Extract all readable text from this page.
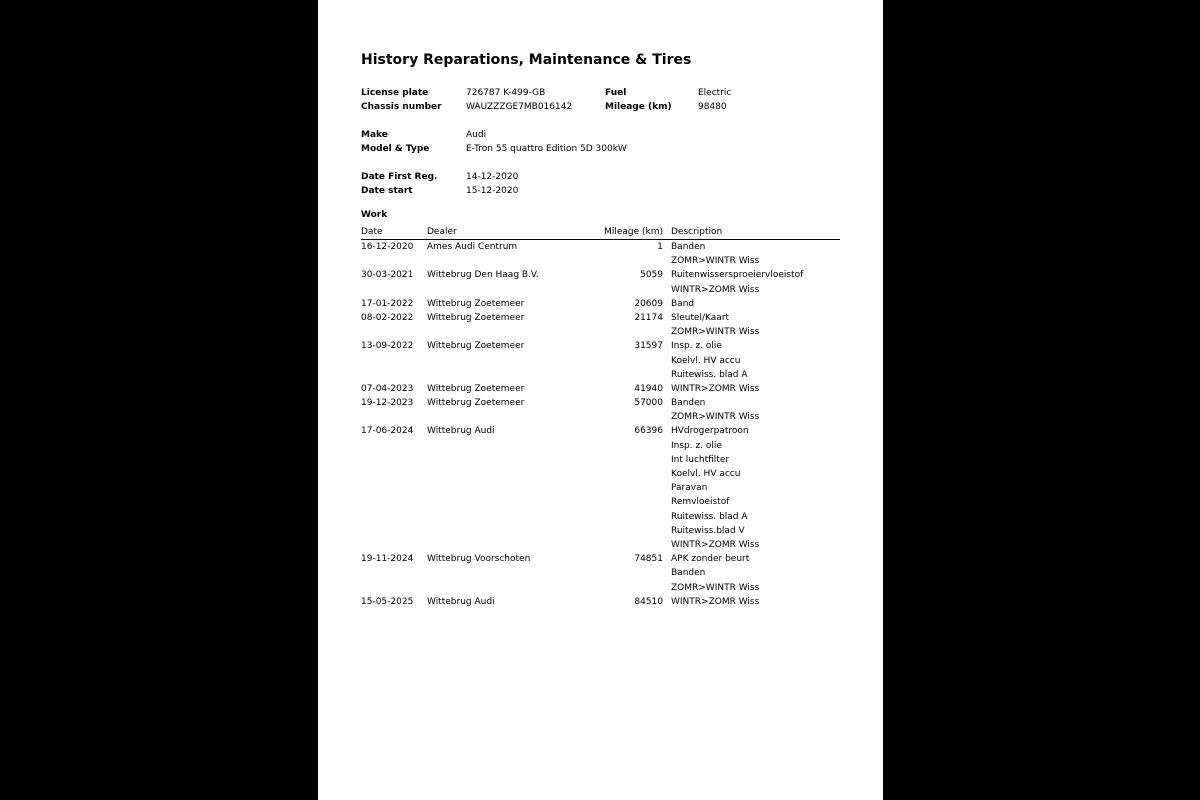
History Reparations, Maintenance & Tires
License plate	726787 K-499-GB	Fuel	Electric
Chassis number	WAUZZZGE7MB016142	Mileage (km)	98480
Make	Audi
Model & Type	E-Tron 55 quattro Edition 5D 300kW
Date First Reg.	14-12-2020
Date start	15-12-2020
Work
Date	Dealer	Mileage (km) Description
16-12-2020 Ames Audi Centrum	1 Banden
ZOMR>WINTR Wiss
30-03-2021 Wittebrug Den Haag B.V.	5059 Ruitenwissersproeiervloeistof
WINTR>ZOMR Wiss
17-01-2022 Wittebrug Zoetemeer	20609 Band
08-02-2022 Wittebrug Zoetemeer	21174 Sleutel/Kaart
ZOMR>WINTR Wiss
13-09-2022 Wittebrug Zoetemeer	31597 Insp. z. olie
Koelvl. HV accu
Ruitewiss. blad A
07-04-2023 Wittebrug Zoetemeer	41940 WINTR>ZOMR Wiss
19-12-2023 Wittebrug Zoetemeer	57000 Banden
ZOMR>WINTR Wiss
17-06-2024 Wittebrug Audi	66396 HVdrogerpatroon
Insp. z. olie
Int luchtfilter
Koelvl. HV accu
Paravan
Remvloeistof
Ruitewiss. blad A
Ruitewiss.blad V
WINTR>ZOMR Wiss
19-11-2024 Wittebrug Voorschoten	74851 APK zonder beurt
Banden
ZOMR>WINTR Wiss
15-05-2025 Wittebrug Audi	84510 WINTR>ZOMR Wiss
